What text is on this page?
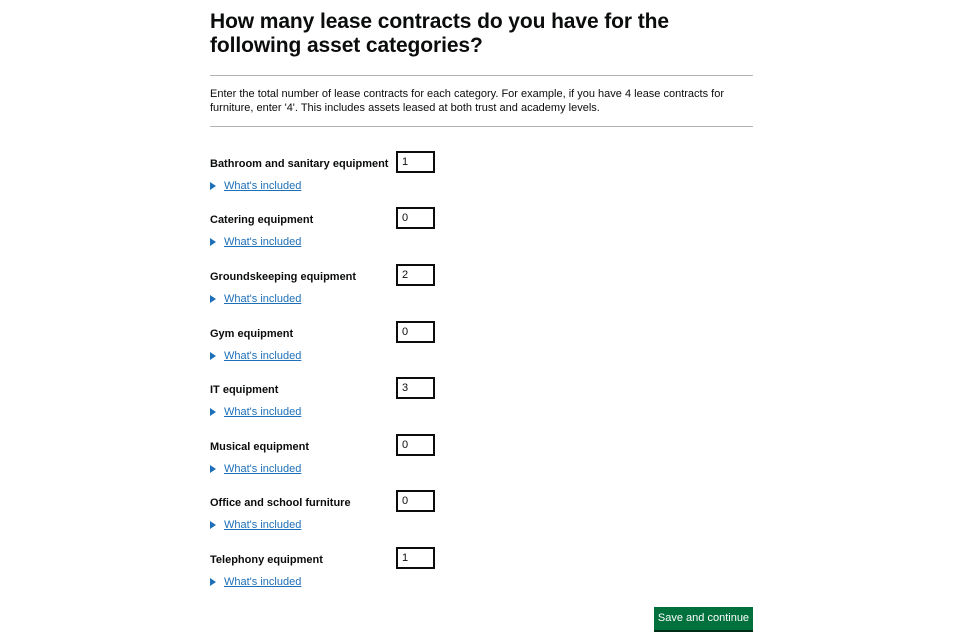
How many lease contracts do you have for the following asset categories?
Enter the total number of lease contracts for each category. For example, if you have 4 lease contracts for furniture, enter '4'. This includes assets leased at both trust and academy levels.
Bathroom and sanitary equipment
1
What's included
Catering equipment
0
What's included
Groundskeeping equipment
2
What's included
Gym equipment
0
What's included
IT equipment
3
What's included
Musical equipment
0
What's included
Office and school furniture
0
What's included
Telephony equipment
1
What's included
Save and continue
